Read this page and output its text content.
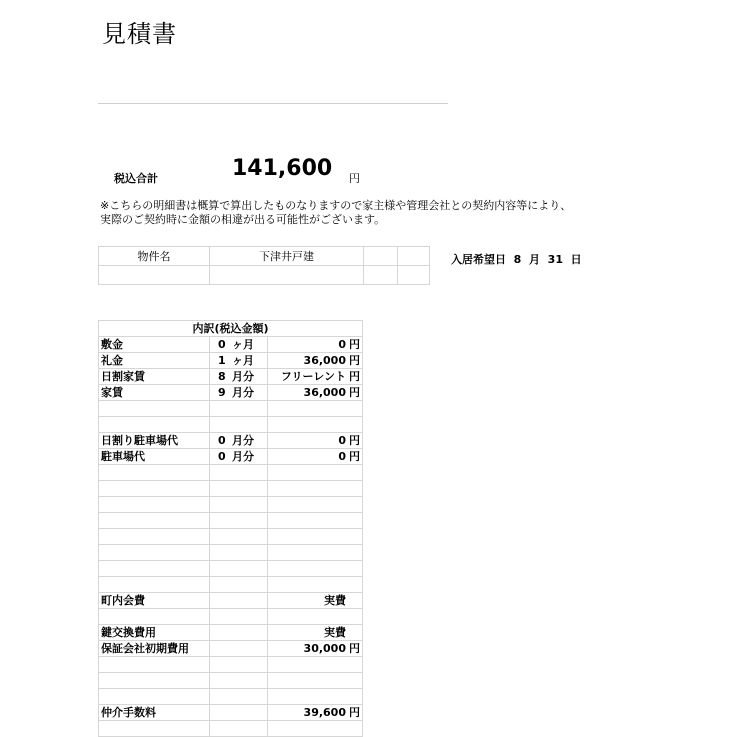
見積書
税込合計	141,600 円
※こちらの明細書は概算で算出したものなりますので家主様や管理会社との契約内容等により、
実際のご契約時に金額の相違が出る可能性がございます。
物件名	下津井戸建		
				入居希望日 8 月 31 日
内訳(税込金額)		
敷金	0 ヶ月	0 円

礼金	1 ヶ月	36,000 円

日割家賃	8 月分	フリーレント 円

家賃	9 月分	36,000 円

日割り駐車場代	0 月分	0 円

駐車場代	0 月分	0 円

町内会費		実費

鍵交換費用		実費

保証会社初期費用		30,000 円

仲介手数料		39,600 円
